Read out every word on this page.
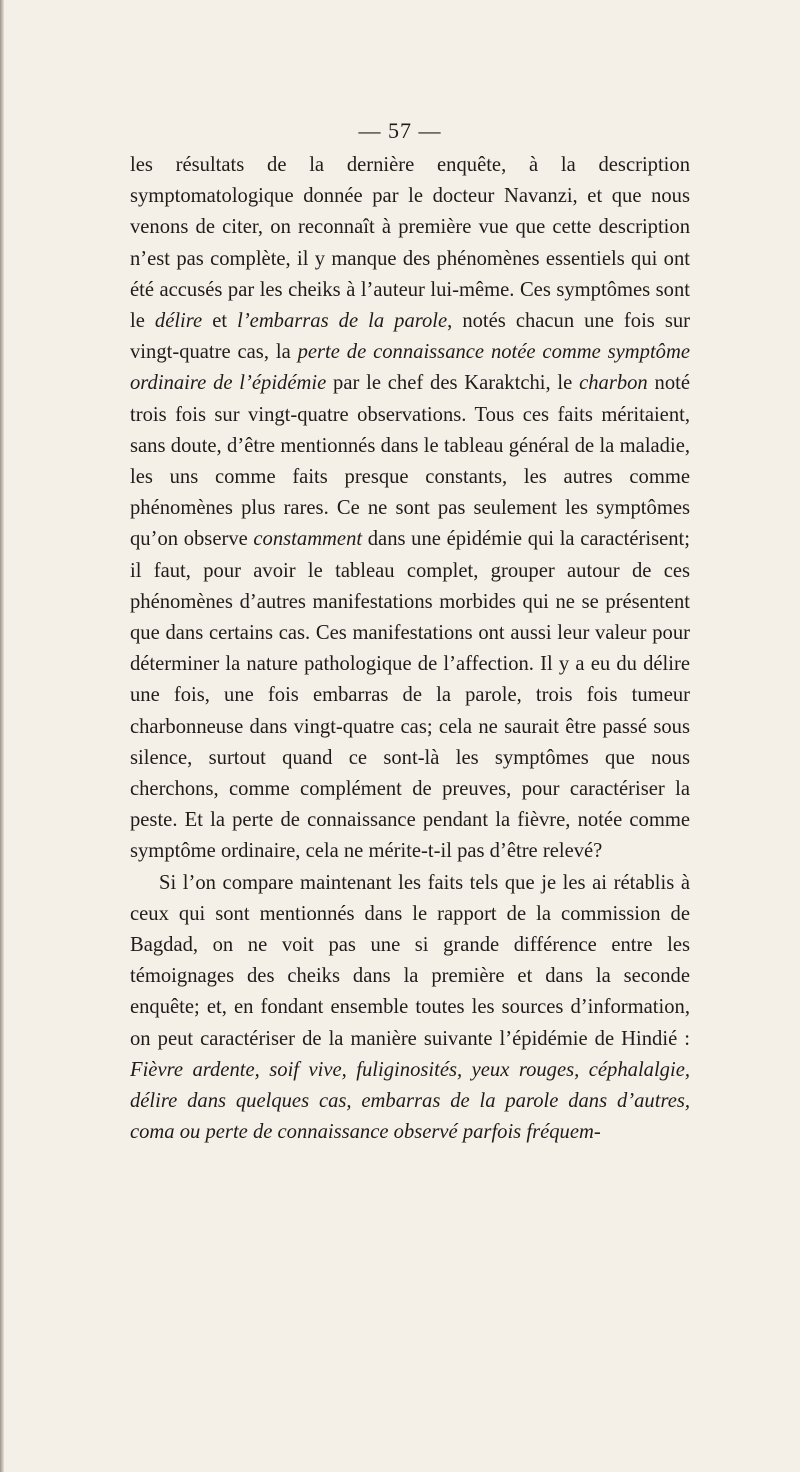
— 57 —

les résultats de la dernière enquête, à la description symptomatologique donnée par le docteur Navanzi, et que nous venons de citer, on reconnaît à première vue que cette description n’est pas complète, il y manque des phénomènes essentiels qui ont été accusés par les cheiks à l’auteur lui-même. Ces symptômes sont le délire et l’embarras de la parole, notés chacun une fois sur vingt-quatre cas, la perte de connaissance notée comme symptôme ordinaire de l’épidémie par le chef des Karaktchi, le charbon noté trois fois sur vingt-quatre observations. Tous ces faits méritaient, sans doute, d’être mentionnés dans le tableau général de la maladie, les uns comme faits presque constants, les autres comme phénomènes plus rares. Ce ne sont pas seulement les symptômes qu’on observe constamment dans une épidémie qui la caractérisent; il faut, pour avoir le tableau complet, grouper autour de ces phénomènes d’autres manifestations morbides qui ne se présentent que dans certains cas. Ces manifestations ont aussi leur valeur pour déterminer la nature pathologique de l’affection. Il y a eu du délire une fois, une fois embarras de la parole, trois fois tumeur charbonneuse dans vingt-quatre cas; cela ne saurait être passé sous silence, surtout quand ce sont-là les symptômes que nous cherchons, comme complément de preuves, pour caractériser la peste. Et la perte de connaissance pendant la fièvre, notée comme symptôme ordinaire, cela ne mérite-t-il pas d’être relevé?

Si l’on compare maintenant les faits tels que je les ai rétablis à ceux qui sont mentionnés dans le rapport de la commission de Bagdad, on ne voit pas une si grande différence entre les témoignages des cheiks dans la première et dans la seconde enquête; et, en fondant ensemble toutes les sources d’information, on peut caractériser de la manière suivante l’épidémie de Hindié : Fièvre ardente, soif vive, fuliginosités, yeux rouges, céphalalgie, délire dans quelques cas, embarras de la parole dans d’autres, coma ou perte de connaissance observé parfois fréquem-
